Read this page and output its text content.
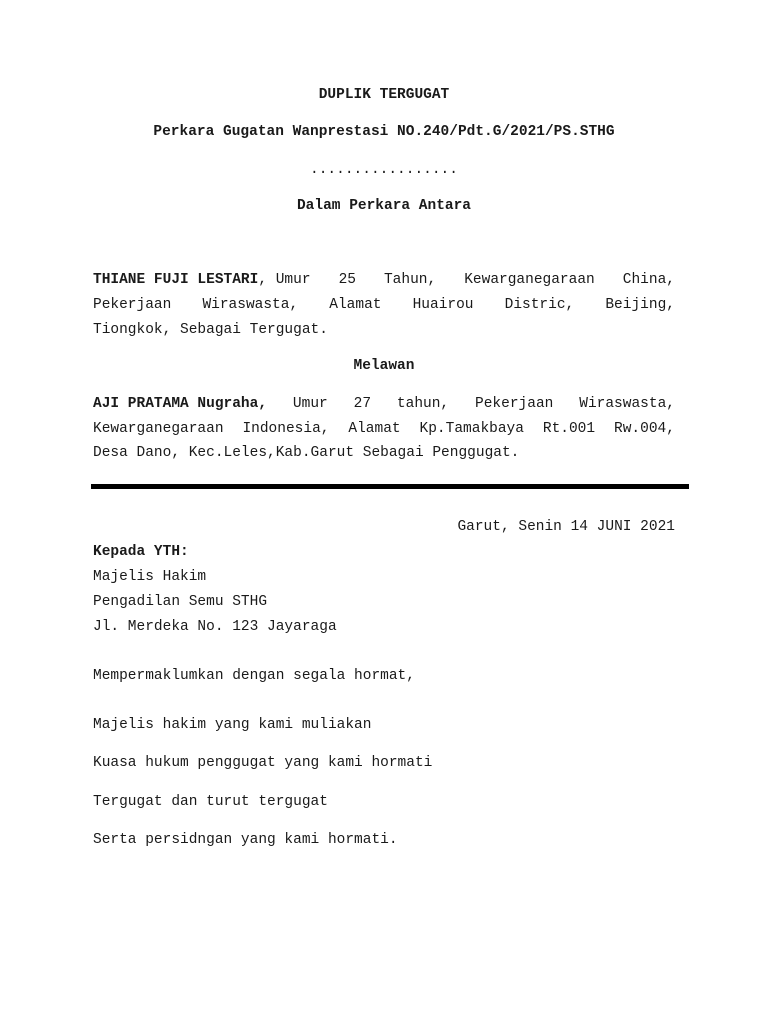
DUPLIK TERGUGAT
Perkara Gugatan Wanprestasi NO.240/Pdt.G/2021/PS.STHG
.................
Dalam Perkara Antara
THIANE FUJI LESTARI, Umur 25 Tahun, Kewarganegaraan China,
Pekerjaan Wiraswasta, Alamat Huairou Distric, Beijing,
Tiongkok, Sebagai Tergugat.
Melawan
AJI PRATAMA Nugraha, Umur 27 tahun, Pekerjaan Wiraswasta,
Kewarganegaraan Indonesia, Alamat Kp.Tamakbaya Rt.001 Rw.004,
Desa Dano, Kec.Leles,Kab.Garut Sebagai Penggugat.
Garut, Senin 14 JUNI 2021
Kepada YTH:
Majelis Hakim
Pengadilan Semu STHG
Jl. Merdeka No. 123 Jayaraga
Mempermaklumkan dengan segala hormat,
Majelis hakim yang kami muliakan
Kuasa hukum penggugat yang kami hormati
Tergugat dan turut tergugat
Serta persidngan yang kami hormati.
